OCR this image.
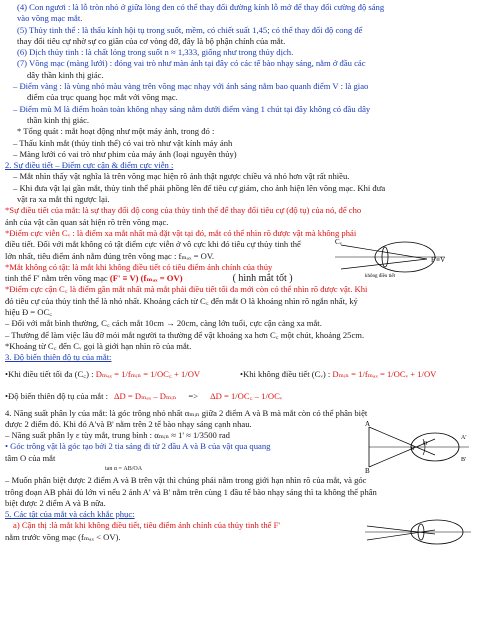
(4) Con ngươi : là lỗ tròn nhỏ ở giữa lòng đen có thể thay đổi đường kính lỗ mở để thay đổi cường độ sáng
vào võng mạc mắt.
(5) Thủy tinh thể : là thấu kính hội tụ trong suốt, mềm, có chiết suất 1,45; có thể thay đổi độ cong để
thay đổi tiêu cự nhờ sự co giãn của cơ vòng đỡ, đây là bộ phận chính của mắt.
(6) Dịch thủy tinh : là chất lỏng trong suốt n ≈ 1,333, giống như trong thủy dịch.
(7) Võng mạc (màng lưới) : đóng vai trò như màn ảnh tại đây có các tế bào nhạy sáng, nằm ở đầu các
dây thần kinh thị giác.
– Điểm vàng : là vùng nhỏ màu vàng trên võng mạc nhạy với ánh sáng nằm bao quanh điểm V : là giao
điểm của trục quang học mắt với võng mạc.
– Điểm mù M là điểm hoàn toàn không nhạy sáng nằm dưới điểm vàng 1 chút tại đây không có đầu dây
thần kinh thị giác.
* Tổng quát : mắt hoạt động như một máy ảnh, trong đó :
– Thấu kính mắt (thủy tinh thể) có vai trò như vật kính máy ảnh
– Màng lưới có vai trò như phim của máy ảnh (loại nguyên thủy)
2. Sự điều tiết – Điểm cực cận & điểm cực viễn :
– Mắt nhìn thấy vật nghĩa là trên võng mạc hiện rõ ảnh thật ngược chiều và nhỏ hơn vật rất nhiều.
– Khi đưa vật lại gần mắt, thủy tinh thể phải phồng lên để tiêu cự giảm, cho ảnh hiện lên võng mạc. Khi đưa
vật ra xa mắt thì ngược lại.
*Sự điều tiết của mắt: là sự thay đổi độ cong của thủy tinh thể để thay đổi tiêu cự (độ tụ) của nó, để cho
ảnh của vật cần quan sát hiện rõ trên võng mạc.
*Điểm cực viễn Cᵥ : là điểm xa mắt nhất mà đặt vật tại đó, mắt có thể nhìn rõ được vật mà không phải
điều tiết. Đối với mắt không có tật điểm cực viễn ở vô cực khi đó tiêu cự thủy tinh thể
lớn nhất, tiêu điểm ảnh nằm đúng trên võng mạc : fₘₐₓ = OV.
*Mắt không có tật: là mắt khi không điều tiết có tiêu điểm ảnh chính của thủy
tinh thể F' nằm trên võng mạc (F' ≡ V) (fₘₐₓ = OV)	( hình mắt tốt )
Cᵥ
F'≡V
không điều tiết
*Điểm cực cận C꜀ là điểm gần mắt nhất mà mắt phải điều tiết tối đa mới còn có thể nhìn rõ được vật. Khi
đó tiêu cự của thủy tinh thể là nhỏ nhất. Khoảng cách từ C꜀ đến mắt O là khoảng nhìn rõ ngắn nhất, ký
hiệu Đ = OC꜀
– Đối với mắt bình thường, C꜀ cách mắt 10cm → 20cm, càng lớn tuổi, cực cận càng xa mắt.
– Thường để làm việc lâu đỡ mỏi mắt người ta thường để vật khoảng xa hơn C꜀ một chút, khoảng 25cm.
*Khoảng từ C꜀ đến Cᵥ gọi là giới hạn nhìn rõ của mắt.
3. Độ biến thiên độ tụ của mắt:
•Khi điều tiết tối đa (C꜀) : Dₘₐₓ = 1/fₘᵢₙ = 1/OC꜀ + 1/OV	•Khi không điều tiết (Cᵥ) : Dₘᵢₙ = 1/fₘₐₓ = 1/OCᵥ + 1/OV
•Độ biến thiên độ tụ của mắt : ΔD = Dₘₐₓ – Dₘᵢₙ => ΔD = 1/OC꜀ – 1/OCᵥ
4. Năng suất phân ly của mắt: là góc trông nhỏ nhất αₘᵢₙ giữa 2 điểm A và B mà mắt còn có thể phân biệt
được 2 điểm đó. Khi đó A'và B' nằm trên 2 tế bào nhạy sáng cạnh nhau.
– Năng suất phân ly ε tùy mắt, trung bình : αₘᵢₙ ≈ 1' ≈ 1/3500 rad
• Góc trông vật là góc tạo bởi 2 tia sáng đi từ 2 đầu A và B của vật qua quang
tâm O của mắt
tan α = AB/OA
A
B
O
A'
B'
α
– Muốn phân biệt được 2 điểm A và B trên vật thì chúng phải nằm trong giới hạn nhìn rõ của mắt, và góc
trông đoạn AB phải đủ lớn vì nếu 2 ảnh A' và B' nằm trên cùng 1 đầu tế bào nhạy sáng thì ta không thể phân
biệt được 2 điểm A và B nữa.
5. Các tật của mắt và cách khắc phục:
a) Cận thị :là mắt khi không điều tiết, tiêu điểm ảnh chính của thủy tinh thể F'
nằm trước võng mạc (fₘₐₓ < OV).
